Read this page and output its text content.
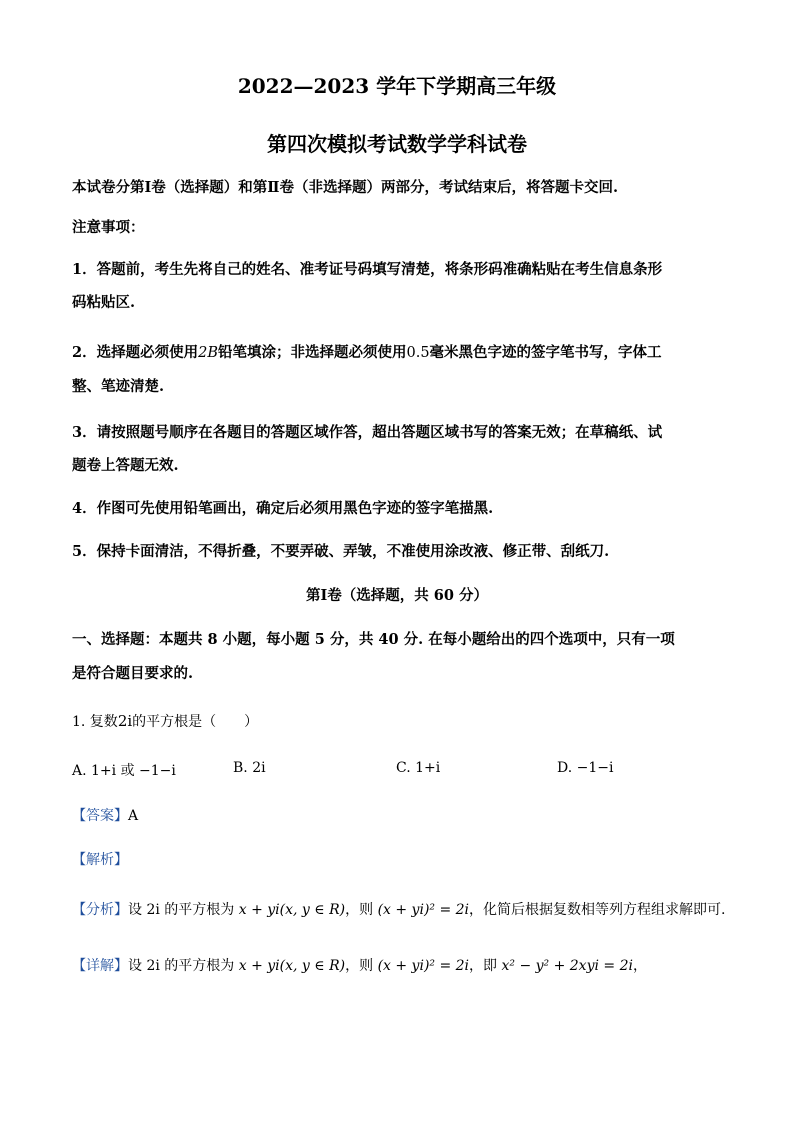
2022—2023 学年下学期高三年级
第四次模拟考试数学学科试卷
本试卷分第Ⅰ卷（选择题）和第Ⅱ卷（非选择题）两部分，考试结束后，将答题卡交回.
注意事项：
1．答题前，考生先将自己的姓名、准考证号码填写清楚，将条形码准确粘贴在考生信息条形
码粘贴区.
2．选择题必须使用2B铅笔填涂；非选择题必须使用0.5毫米黑色字迹的签字笔书写，字体工
整、笔迹清楚.
3．请按照题号顺序在各题目的答题区域作答，超出答题区域书写的答案无效；在草稿纸、试
题卷上答题无效.
4．作图可先使用铅笔画出，确定后必须用黑色字迹的签字笔描黑.
5．保持卡面清洁，不得折叠，不要弄破、弄皱，不准使用涂改液、修正带、刮纸刀.
第Ⅰ卷（选择题，共 60 分）
一、选择题：本题共 8 小题，每小题 5 分，共 40 分. 在每小题给出的四个选项中，只有一项
是符合题目要求的.
1. 复数2i的平方根是（　　）
A. 1+i 或 −1−i	B. 2i	C. 1+i	D. −1−i
【答案】A
【解析】
【分析】设 2i 的平方根为 x + yi(x, y ∈ R)，则 (x + yi)² = 2i，化简后根据复数相等列方程组求解即可.
【详解】设 2i 的平方根为 x + yi(x, y ∈ R)，则 (x + yi)² = 2i，即 x² − y² + 2xyi = 2i，
